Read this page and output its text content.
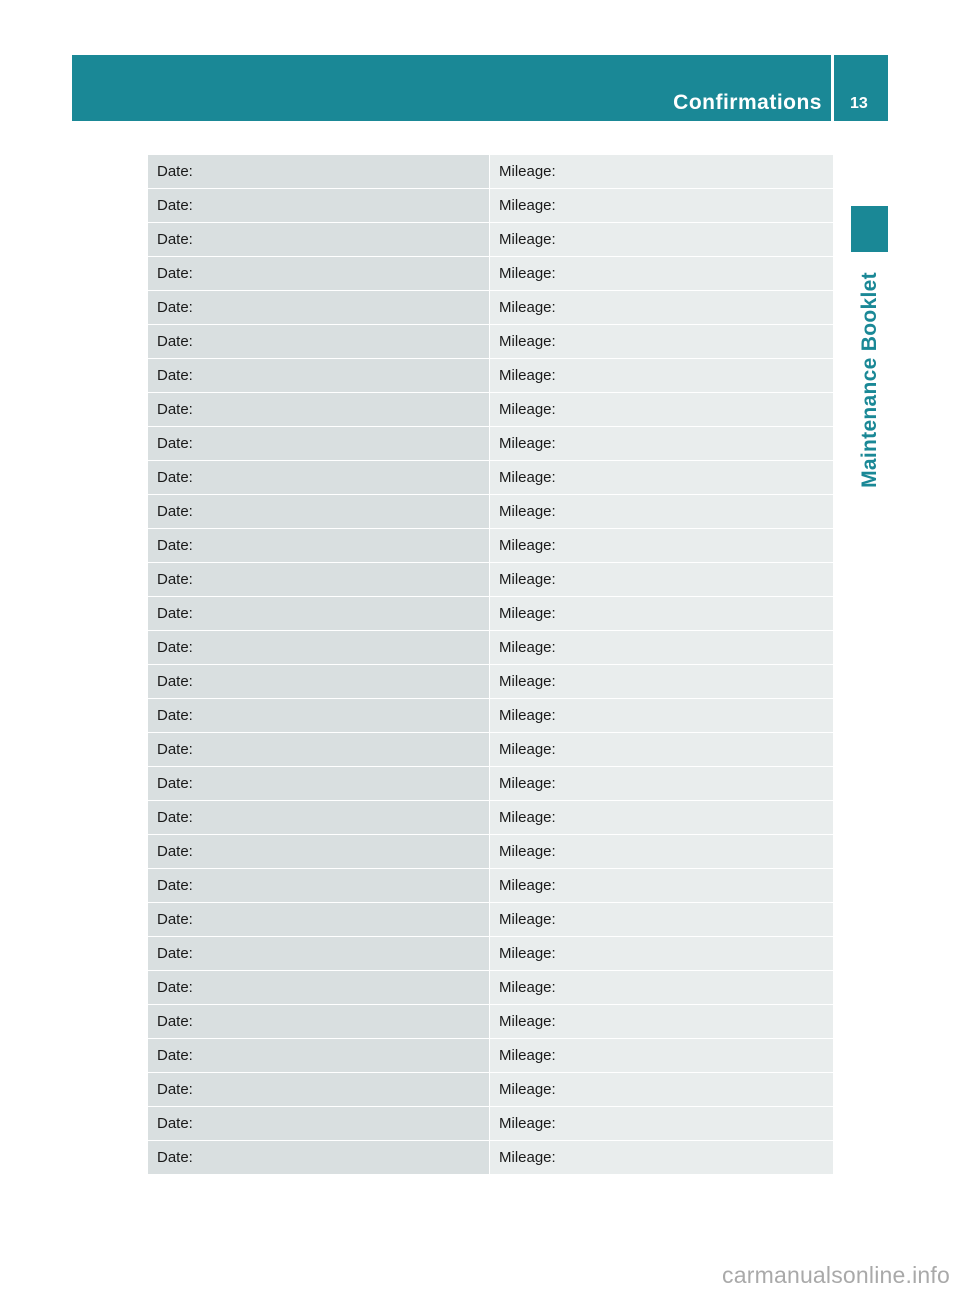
Confirmations 13
Maintenance Booklet
Date:	Mileage:
Date:	Mileage:
Date:	Mileage:
Date:	Mileage:
Date:	Mileage:
Date:	Mileage:
Date:	Mileage:
Date:	Mileage:
Date:	Mileage:
Date:	Mileage:
Date:	Mileage:
Date:	Mileage:
Date:	Mileage:
Date:	Mileage:
Date:	Mileage:
Date:	Mileage:
Date:	Mileage:
Date:	Mileage:
Date:	Mileage:
Date:	Mileage:
Date:	Mileage:
Date:	Mileage:
Date:	Mileage:
Date:	Mileage:
Date:	Mileage:
Date:	Mileage:
Date:	Mileage:
Date:	Mileage:
Date:	Mileage:
Date:	Mileage:
carmanualsonline.info
